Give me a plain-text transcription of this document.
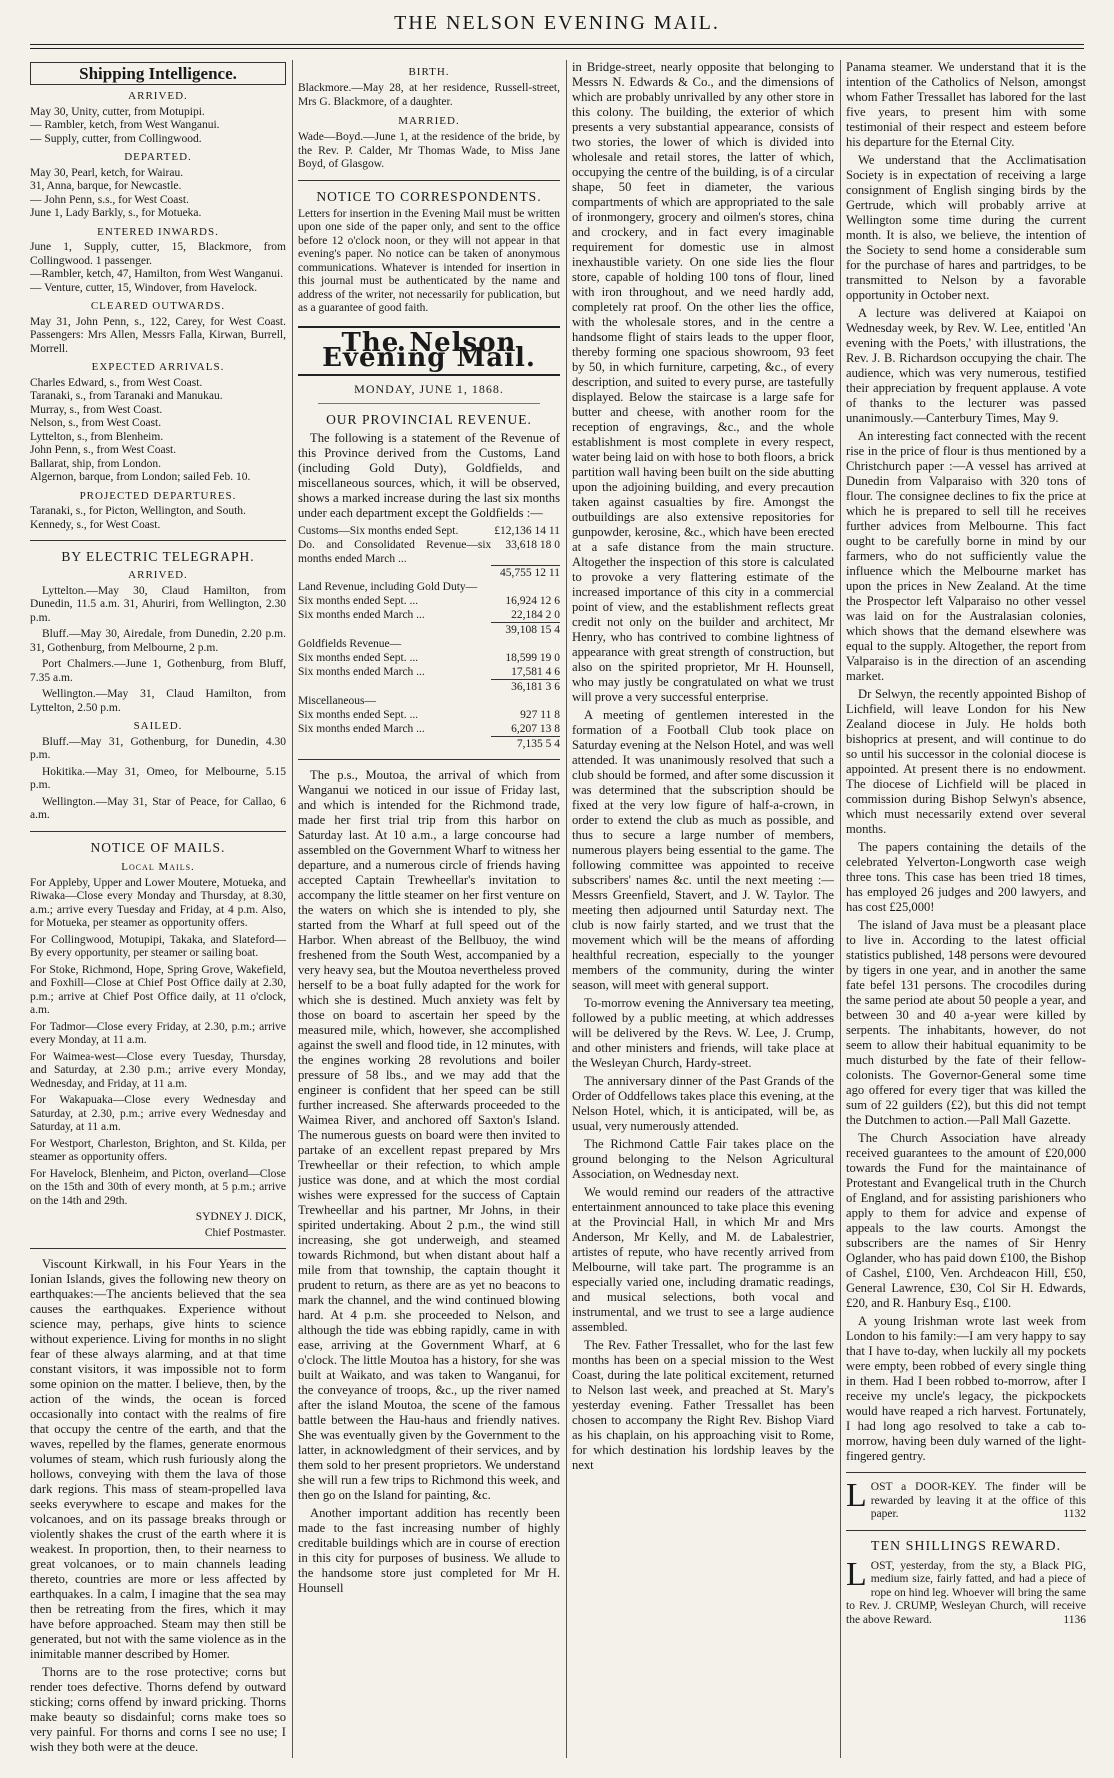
THE NELSON EVENING MAIL.
Shipping Intelligence.
ARRIVED.
May 30, Unity, cutter, from Motupipi.
— Rambler, ketch, from West Wanganui.
— Supply, cutter, from Collingwood.
DEPARTED.
May 30, Pearl, ketch, for Wairau.
31, Anna, barque, for Newcastle.
— John Penn, s.s., for West Coast.
June 1, Lady Barkly, s., for Motueka.
ENTERED INWARDS.
June 1, Supply, cutter, 15, Blackmore, from Collingwood. 1 passenger.
—Rambler, ketch, 47, Hamilton, from West Wanganui.
— Venture, cutter, 15, Windover, from Havelock.
CLEARED OUTWARDS.
May 31, John Penn, s., 122, Carey, for West Coast. Passengers: Mrs Allen, Messrs Falla, Kirwan, Burrell, Morrell.
EXPECTED ARRIVALS.
Charles Edward, s., from West Coast.
Taranaki, s., from Taranaki and Manukau.
Murray, s., from West Coast.
Nelson, s., from West Coast.
Lyttelton, s., from Blenheim.
John Penn, s., from West Coast.
Ballarat, ship, from London.
Algernon, barque, from London; sailed Feb. 10.
PROJECTED DEPARTURES.
Taranaki, s., for Picton, Wellington, and South.
Kennedy, s., for West Coast.
BY ELECTRIC TELEGRAPH.
ARRIVED.
Lyttelton.—May 30, Claud Hamilton, from Dunedin, 11.5 a.m. 31, Ahuriri, from Wellington, 2.30 p.m.
Bluff.—May 30, Airedale, from Dunedin, 2.20 p.m. 31, Gothenburg, from Melbourne, 2 p.m.
Port Chalmers.—June 1, Gothenburg, from Bluff, 7.35 a.m.
Wellington.—May 31, Claud Hamilton, from Lyttelton, 2.50 p.m.
SAILED.
Bluff.—May 31, Gothenburg, for Dunedin, 4.30 p.m.
Hokitika.—May 31, Omeo, for Melbourne, 5.15 p.m.
Wellington.—May 31, Star of Peace, for Callao, 6 a.m.
NOTICE OF MAILS.
Local Mails.
For Appleby, Upper and Lower Moutere, Motueka, and Riwaka—Close every Monday and Thursday, at 8.30, a.m.; arrive every Tuesday and Friday, at 4 p.m. Also, for Motueka, per steamer as opportunity offers.
For Collingwood, Motupipi, Takaka, and Slateford—By every opportunity, per steamer or sailing boat.
For Stoke, Richmond, Hope, Spring Grove, Wakefield, and Foxhill—Close at Chief Post Office daily at 2.30, p.m.; arrive at Chief Post Office daily, at 11 o'clock, a.m.
For Tadmor—Close every Friday, at 2.30, p.m.; arrive every Monday, at 11 a.m.
For Waimea-west—Close every Tuesday, Thursday, and Saturday, at 2.30 p.m.; arrive every Monday, Wednesday, and Friday, at 11 a.m.
For Wakapuaka—Close every Wednesday and Saturday, at 2.30, p.m.; arrive every Wednesday and Saturday, at 11 a.m.
For Westport, Charleston, Brighton, and St. Kilda, per steamer as opportunity offers.
For Havelock, Blenheim, and Picton, overland—Close on the 15th and 30th of every month, at 5 p.m.; arrive on the 14th and 29th.
SYDNEY J. DICK,
Chief Postmaster.
Viscount Kirkwall, in his Four Years in the Ionian Islands, gives the following new theory on earthquakes:—The ancients believed that the sea causes the earthquakes. Experience without science may, perhaps, give hints to science without experience. Living for months in no slight fear of these always alarming, and at that time constant visitors, it was impossible not to form some opinion on the matter. I believe, then, by the action of the winds, the ocean is forced occasionally into contact with the realms of fire that occupy the centre of the earth, and that the waves, repelled by the flames, generate enormous volumes of steam, which rush furiously along the hollows, conveying with them the lava of those dark regions. This mass of steam-propelled lava seeks everywhere to escape and makes for the volcanoes, and on its passage breaks through or violently shakes the crust of the earth where it is weakest. In proportion, then, to their nearness to great volcanoes, or to main channels leading thereto, countries are more or less affected by earthquakes. In a calm, I imagine that the sea may then be retreating from the fires, which it may have before approached. Steam may then still be generated, but not with the same violence as in the inimitable manner described by Homer.
Thorns are to the rose protective; corns but render toes defective. Thorns defend by outward sticking; corns offend by inward pricking. Thorns make beauty so disdainful; corns make toes so very painful. For thorns and corns I see no use; I wish they both were at the deuce.
BIRTH.
Blackmore.—May 28, at her residence, Russell-street, Mrs G. Blackmore, of a daughter.
MARRIED.
Wade—Boyd.—June 1, at the residence of the bride, by the Rev. P. Calder, Mr Thomas Wade, to Miss Jane Boyd, of Glasgow.
NOTICE TO CORRESPONDENTS.
Letters for insertion in the Evening Mail must be written upon one side of the paper only, and sent to the office before 12 o'clock noon, or they will not appear in that evening's paper. No notice can be taken of anonymous communications. Whatever is intended for insertion in this journal must be authenticated by the name and address of the writer, not necessarily for publication, but as a guarantee of good faith.
The Nelson Evening Mail.
MONDAY, JUNE 1, 1868.
OUR PROVINCIAL REVENUE.
The following is a statement of the Revenue of this Province derived from the Customs, Land (including Gold Duty), Goldfields, and miscellaneous sources, which, it will be observed, shows a marked increase during the last six months under each department except the Goldfields :—
Customs—Six months ended Sept.	£12,136 14 11
Do. and Consolidated Revenue—six months ended March ...	33,618 18 0
	45,755 12 11
Land Revenue, including Gold Duty—	
Six months ended Sept. ...	16,924 12 6
Six months ended March ...	22,184 2 0
	39,108 15 4
Goldfields Revenue—	
Six months ended Sept. ...	18,599 19 0
Six months ended March ...	17,581 4 6
	36,181 3 6
Miscellaneous—	
Six months ended Sept. ...	927 11 8
Six months ended March ...	6,207 13 8
	7,135 5 4
The p.s., Moutoa, the arrival of which from Wanganui we noticed in our issue of Friday last, and which is intended for the Richmond trade, made her first trial trip from this harbor on Saturday last. At 10 a.m., a large concourse had assembled on the Government Wharf to witness her departure, and a numerous circle of friends having accepted Captain Trewheellar's invitation to accompany the little steamer on her first venture on the waters on which she is intended to ply, she started from the Wharf at full speed out of the Harbor. When abreast of the Bellbuoy, the wind freshened from the South West, accompanied by a very heavy sea, but the Moutoa nevertheless proved herself to be a boat fully adapted for the work for which she is destined. Much anxiety was felt by those on board to ascertain her speed by the measured mile, which, however, she accomplished against the swell and flood tide, in 12 minutes, with the engines working 28 revolutions and boiler pressure of 58 lbs., and we may add that the engineer is confident that her speed can be still further increased. She afterwards proceeded to the Waimea River, and anchored off Saxton's Island. The numerous guests on board were then invited to partake of an excellent repast prepared by Mrs Trewheellar or their refection, to which ample justice was done, and at which the most cordial wishes were expressed for the success of Captain Trewheellar and his partner, Mr Johns, in their spirited undertaking. About 2 p.m., the wind still increasing, she got underweigh, and steamed towards Richmond, but when distant about half a mile from that township, the captain thought it prudent to return, as there are as yet no beacons to mark the channel, and the wind continued blowing hard. At 4 p.m. she proceeded to Nelson, and although the tide was ebbing rapidly, came in with ease, arriving at the Government Wharf, at 6 o'clock. The little Moutoa has a history, for she was built at Waikato, and was taken to Wanganui, for the conveyance of troops, &c., up the river named after the island Moutoa, the scene of the famous battle between the Hau-haus and friendly natives. She was eventually given by the Government to the latter, in acknowledgment of their services, and by them sold to her present proprietors. We understand she will run a few trips to Richmond this week, and then go on the Island for painting, &c.
Another important addition has recently been made to the fast increasing number of highly creditable buildings which are in course of erection in this city for purposes of business. We allude to the handsome store just completed for Mr H. Hounsell
in Bridge-street, nearly opposite that belonging to Messrs N. Edwards & Co., and the dimensions of which are probably unrivalled by any other store in this colony. The building, the exterior of which presents a very substantial appearance, consists of two stories, the lower of which is divided into wholesale and retail stores, the latter of which, occupying the centre of the building, is of a circular shape, 50 feet in diameter, the various compartments of which are appropriated to the sale of ironmongery, grocery and oilmen's stores, china and crockery, and in fact every imaginable requirement for domestic use in almost inexhaustible variety. On one side lies the flour store, capable of holding 100 tons of flour, lined with iron throughout, and we need hardly add, completely rat proof. On the other lies the office, with the wholesale stores, and in the centre a handsome flight of stairs leads to the upper floor, thereby forming one spacious showroom, 93 feet by 50, in which furniture, carpeting, &c., of every description, and suited to every purse, are tastefully displayed. Below the staircase is a large safe for butter and cheese, with another room for the reception of engravings, &c., and the whole establishment is most complete in every respect, water being laid on with hose to both floors, a brick partition wall having been built on the side abutting upon the adjoining building, and every precaution taken against casualties by fire. Amongst the outbuildings are also extensive repositories for gunpowder, kerosine, &c., which have been erected at a safe distance from the main structure. Altogether the inspection of this store is calculated to provoke a very flattering estimate of the increased importance of this city in a commercial point of view, and the establishment reflects great credit not only on the builder and architect, Mr Henry, who has contrived to combine lightness of appearance with great strength of construction, but also on the spirited proprietor, Mr H. Hounsell, who may justly be congratulated on what we trust will prove a very successful enterprise.
A meeting of gentlemen interested in the formation of a Football Club took place on Saturday evening at the Nelson Hotel, and was well attended. It was unanimously resolved that such a club should be formed, and after some discussion it was determined that the subscription should be fixed at the very low figure of half-a-crown, in order to extend the club as much as possible, and thus to secure a large number of members, numerous players being essential to the game. The following committee was appointed to receive subscribers' names &c. until the next meeting :—Messrs Greenfield, Stavert, and J. W. Taylor. The meeting then adjourned until Saturday next. The club is now fairly started, and we trust that the movement which will be the means of affording healthful recreation, especially to the younger members of the community, during the winter season, will meet with general support.
To-morrow evening the Anniversary tea meeting, followed by a public meeting, at which addresses will be delivered by the Revs. W. Lee, J. Crump, and other ministers and friends, will take place at the Wesleyan Church, Hardy-street.
The anniversary dinner of the Past Grands of the Order of Oddfellows takes place this evening, at the Nelson Hotel, which, it is anticipated, will be, as usual, very numerously attended.
The Richmond Cattle Fair takes place on the ground belonging to the Nelson Agricultural Association, on Wednesday next.
We would remind our readers of the attractive entertainment announced to take place this evening at the Provincial Hall, in which Mr and Mrs Anderson, Mr Kelly, and M. de Labalestrier, artistes of repute, who have recently arrived from Melbourne, will take part. The programme is an especially varied one, including dramatic readings, and musical selections, both vocal and instrumental, and we trust to see a large audience assembled.
The Rev. Father Tressallet, who for the last few months has been on a special mission to the West Coast, during the late political excitement, returned to Nelson last week, and preached at St. Mary's yesterday evening. Father Tressallet has been chosen to accompany the Right Rev. Bishop Viard as his chaplain, on his approaching visit to Rome, for which destination his lordship leaves by the next
Panama steamer. We understand that it is the intention of the Catholics of Nelson, amongst whom Father Tressallet has labored for the last five years, to present him with some testimonial of their respect and esteem before his departure for the Eternal City.
We understand that the Acclimatisation Society is in expectation of receiving a large consignment of English singing birds by the Gertrude, which will probably arrive at Wellington some time during the current month. It is also, we believe, the intention of the Society to send home a considerable sum for the purchase of hares and partridges, to be transmitted to Nelson by a favorable opportunity in October next.
A lecture was delivered at Kaiapoi on Wednesday week, by Rev. W. Lee, entitled 'An evening with the Poets,' with illustrations, the Rev. J. B. Richardson occupying the chair. The audience, which was very numerous, testified their appreciation by frequent applause. A vote of thanks to the lecturer was passed unanimously.—Canterbury Times, May 9.
An interesting fact connected with the recent rise in the price of flour is thus mentioned by a Christchurch paper :—A vessel has arrived at Dunedin from Valparaiso with 320 tons of flour. The consignee declines to fix the price at which he is prepared to sell till he receives further advices from Melbourne. This fact ought to be carefully borne in mind by our farmers, who do not sufficiently value the influence which the Melbourne market has upon the prices in New Zealand. At the time the Prospector left Valparaiso no other vessel was laid on for the Australasian colonies, which shows that the demand elsewhere was equal to the supply. Altogether, the report from Valparaiso is in the direction of an ascending market.
Dr Selwyn, the recently appointed Bishop of Lichfield, will leave London for his New Zealand diocese in July. He holds both bishoprics at present, and will continue to do so until his successor in the colonial diocese is appointed. At present there is no endowment. The diocese of Lichfield will be placed in commission during Bishop Selwyn's absence, which must necessarily extend over several months.
The papers containing the details of the celebrated Yelverton-Longworth case weigh three tons. This case has been tried 18 times, has employed 26 judges and 200 lawyers, and has cost £25,000!
The island of Java must be a pleasant place to live in. According to the latest official statistics published, 148 persons were devoured by tigers in one year, and in another the same fate befel 131 persons. The crocodiles during the same period ate about 50 people a year, and between 30 and 40 a-year were killed by serpents. The inhabitants, however, do not seem to allow their habitual equanimity to be much disturbed by the fate of their fellow-colonists. The Governor-General some time ago offered for every tiger that was killed the sum of 22 guilders (£2), but this did not tempt the Dutchmen to action.—Pall Mall Gazette.
The Church Association have already received guarantees to the amount of £20,000 towards the Fund for the maintainance of Protestant and Evangelical truth in the Church of England, and for assisting parishioners who apply to them for advice and expense of appeals to the law courts. Amongst the subscribers are the names of Sir Henry Oglander, who has paid down £100, the Bishop of Cashel, £100, Ven. Archdeacon Hill, £50, General Lawrence, £30, Col Sir H. Edwards, £20, and R. Hanbury Esq., £100.
A young Irishman wrote last week from London to his family:—I am very happy to say that I have to-day, when luckily all my pockets were empty, been robbed of every single thing in them. Had I been robbed to-morrow, after I receive my uncle's legacy, the pickpockets would have reaped a rich harvest. Fortunately, I had long ago resolved to take a cab to-morrow, having been duly warned of the light-fingered gentry.
L OST a DOOR-KEY. The finder will be rewarded by leaving it at the office of this paper.	1132
TEN SHILLINGS REWARD.
L OST, yesterday, from the sty, a Black PIG, medium size, fairly fatted, and had a piece of rope on hind leg. Whoever will bring the same to Rev. J. CRUMP, Wesleyan Church, will receive the above Reward.	1136
